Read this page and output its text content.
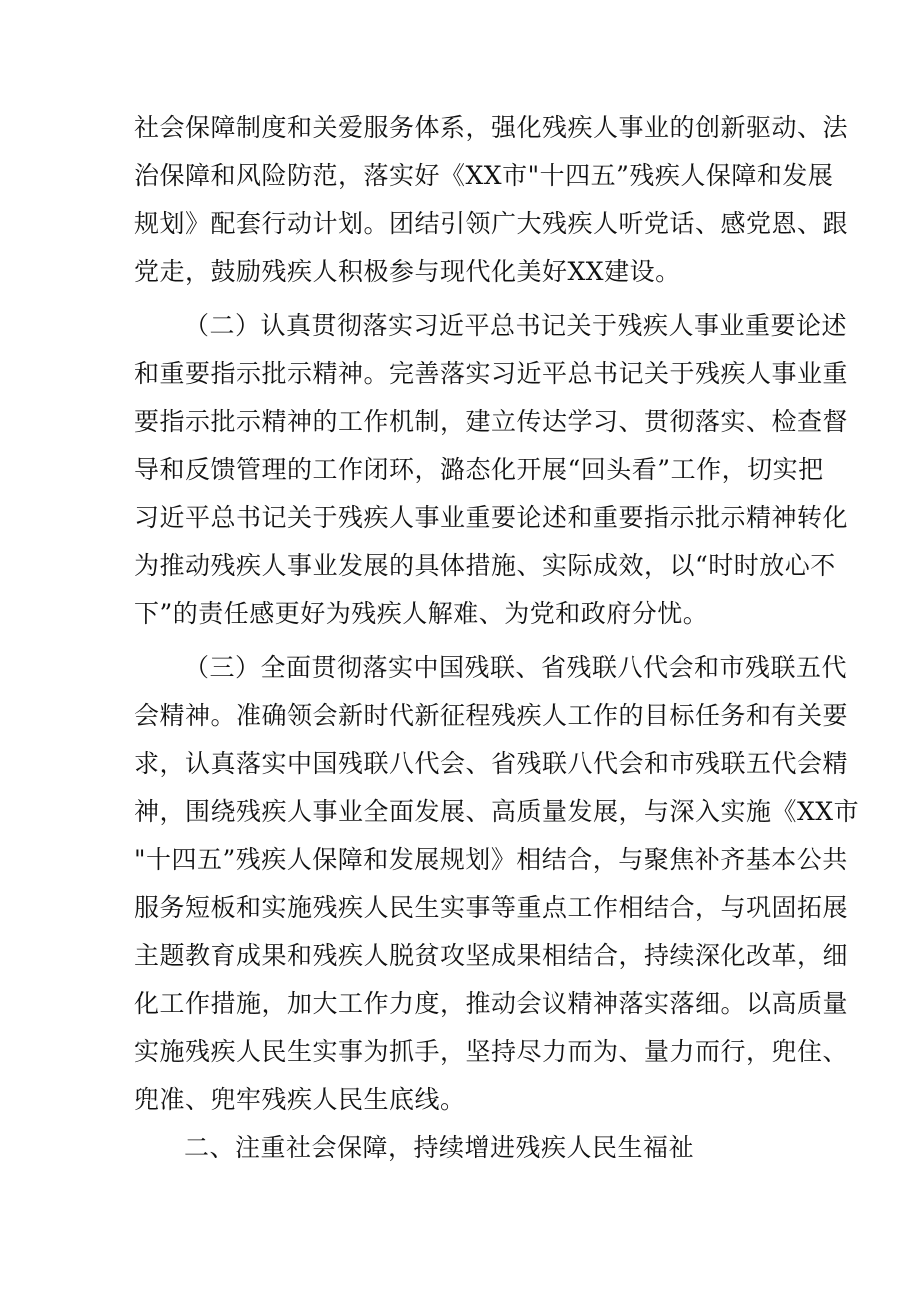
社会保障制度和关爱服务体系，强化残疾人事业的创新驱动、法
治保障和风险防范，落实好《XX市"十四五”残疾人保障和发展
规划》配套行动计划。团结引领广大残疾人听党话、感党恩、跟
党走，鼓励残疾人积极参与现代化美好XX建设。
（二）认真贯彻落实习近平总书记关于残疾人事业重要论述
和重要指示批示精神。完善落实习近平总书记关于残疾人事业重
要指示批示精神的工作机制，建立传达学习、贯彻落实、检查督
导和反馈管理的工作闭环，潞态化开展“回头看”工作，切实把
习近平总书记关于残疾人事业重要论述和重要指示批示精神转化
为推动残疾人事业发展的具体措施、实际成效，以“时时放心不
下”的责任感更好为残疾人解难、为党和政府分忧。
（三）全面贯彻落实中国残联、省残联八代会和市残联五代
会精神。准确领会新时代新征程残疾人工作的目标任务和有关要
求，认真落实中国残联八代会、省残联八代会和市残联五代会精
神，围绕残疾人事业全面发展、高质量发展，与深入实施《XX市
"十四五”残疾人保障和发展规划》相结合，与聚焦补齐基本公共
服务短板和实施残疾人民生实事等重点工作相结合，与巩固拓展
主题教育成果和残疾人脱贫攻坚成果相结合，持续深化改革，细
化工作措施，加大工作力度，推动会议精神落实落细。以高质量
实施残疾人民生实事为抓手，坚持尽力而为、量力而行，兜住、
兜准、兜牢残疾人民生底线。
二、注重社会保障，持续增进残疾人民生福祉
